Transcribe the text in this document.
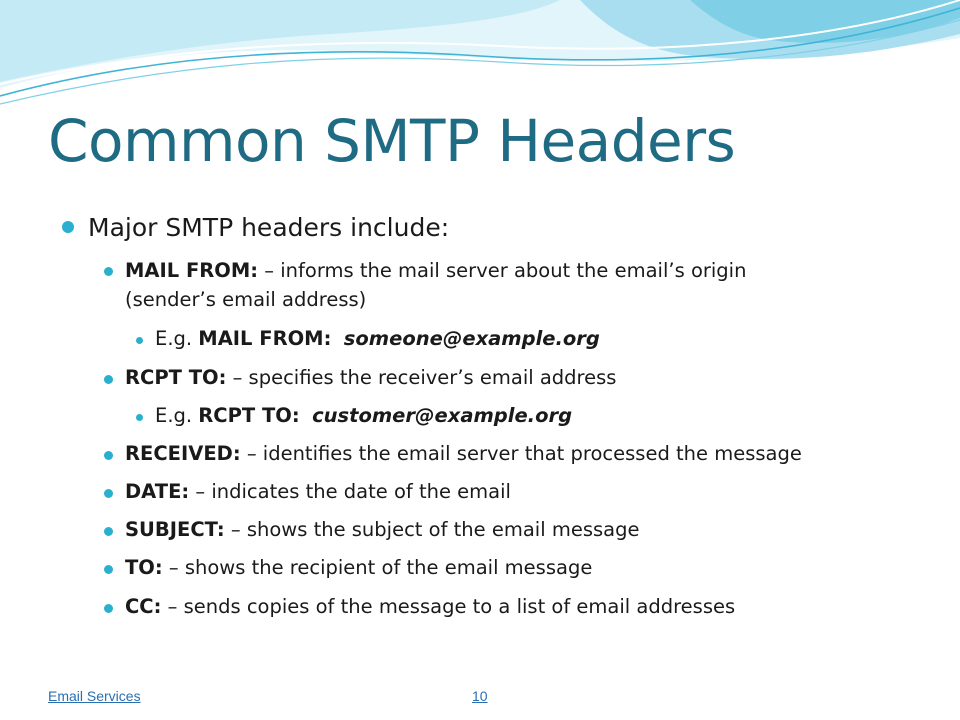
Common SMTP Headers
Major SMTP headers include:
MAIL FROM: – informs the mail server about the email’s origin
(sender’s email address)
E.g. MAIL FROM: someone@example.org
RCPT TO: – specifies the receiver’s email address
E.g. RCPT TO: customer@example.org
RECEIVED: – identifies the email server that processed the message
DATE: – indicates the date of the email
SUBJECT: – shows the subject of the email message
TO: – shows the recipient of the email message
CC: – sends copies of the message to a list of email addresses
Email Services	10
